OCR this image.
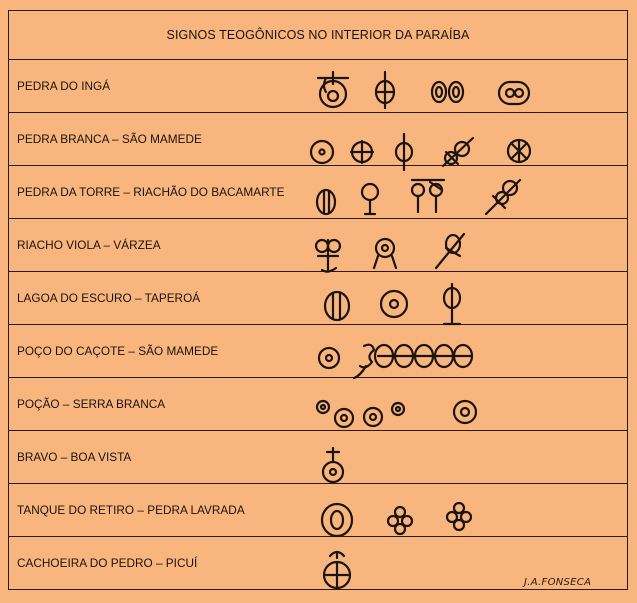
SIGNOS TEOGÔNICOS NO INTERIOR DA PARAÍBA
PEDRA DO INGÁ
PEDRA BRANCA – SÃO MAMEDE
PEDRA DA TORRE – RIACHÃO DO BACAMARTE
RIACHO VIOLA – VÁRZEA
LAGOA DO ESCURO – TAPEROÁ
POÇO DO CAÇOTE – SÃO MAMEDE
POÇÃO – SERRA BRANCA
BRAVO – BOA VISTA
TANQUE DO RETIRO – PEDRA LAVRADA
CACHOEIRA DO PEDRO – PICUÍ
J.A.FONSECA
